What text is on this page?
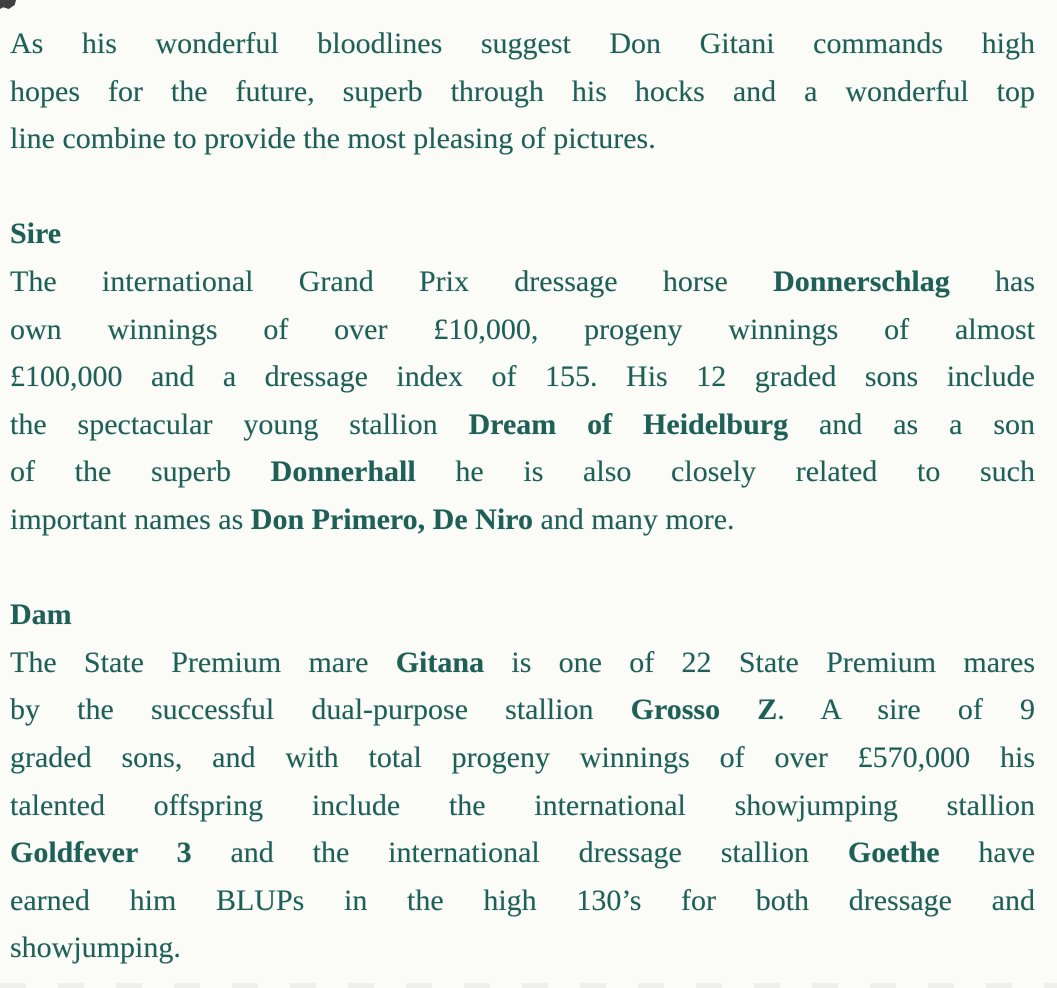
As his wonderful bloodlines suggest Don Gitani commands high
hopes for the future, superb through his hocks and a wonderful top
line combine to provide the most pleasing of pictures.
Sire
The international Grand Prix dressage horse Donnerschlag has
own winnings of over £10,000, progeny winnings of almost
£100,000 and a dressage index of 155. His 12 graded sons include
the spectacular young stallion Dream of Heidelburg and as a son
of the superb Donnerhall he is also closely related to such
important names as Don Primero, De Niro and many more.
Dam
The State Premium mare Gitana is one of 22 State Premium mares
by the successful dual-purpose stallion Grosso Z. A sire of 9
graded sons, and with total progeny winnings of over £570,000 his
talented offspring include the international showjumping stallion
Goldfever 3 and the international dressage stallion Goethe have
earned him BLUPs in the high 130’s for both dressage and
showjumping.
